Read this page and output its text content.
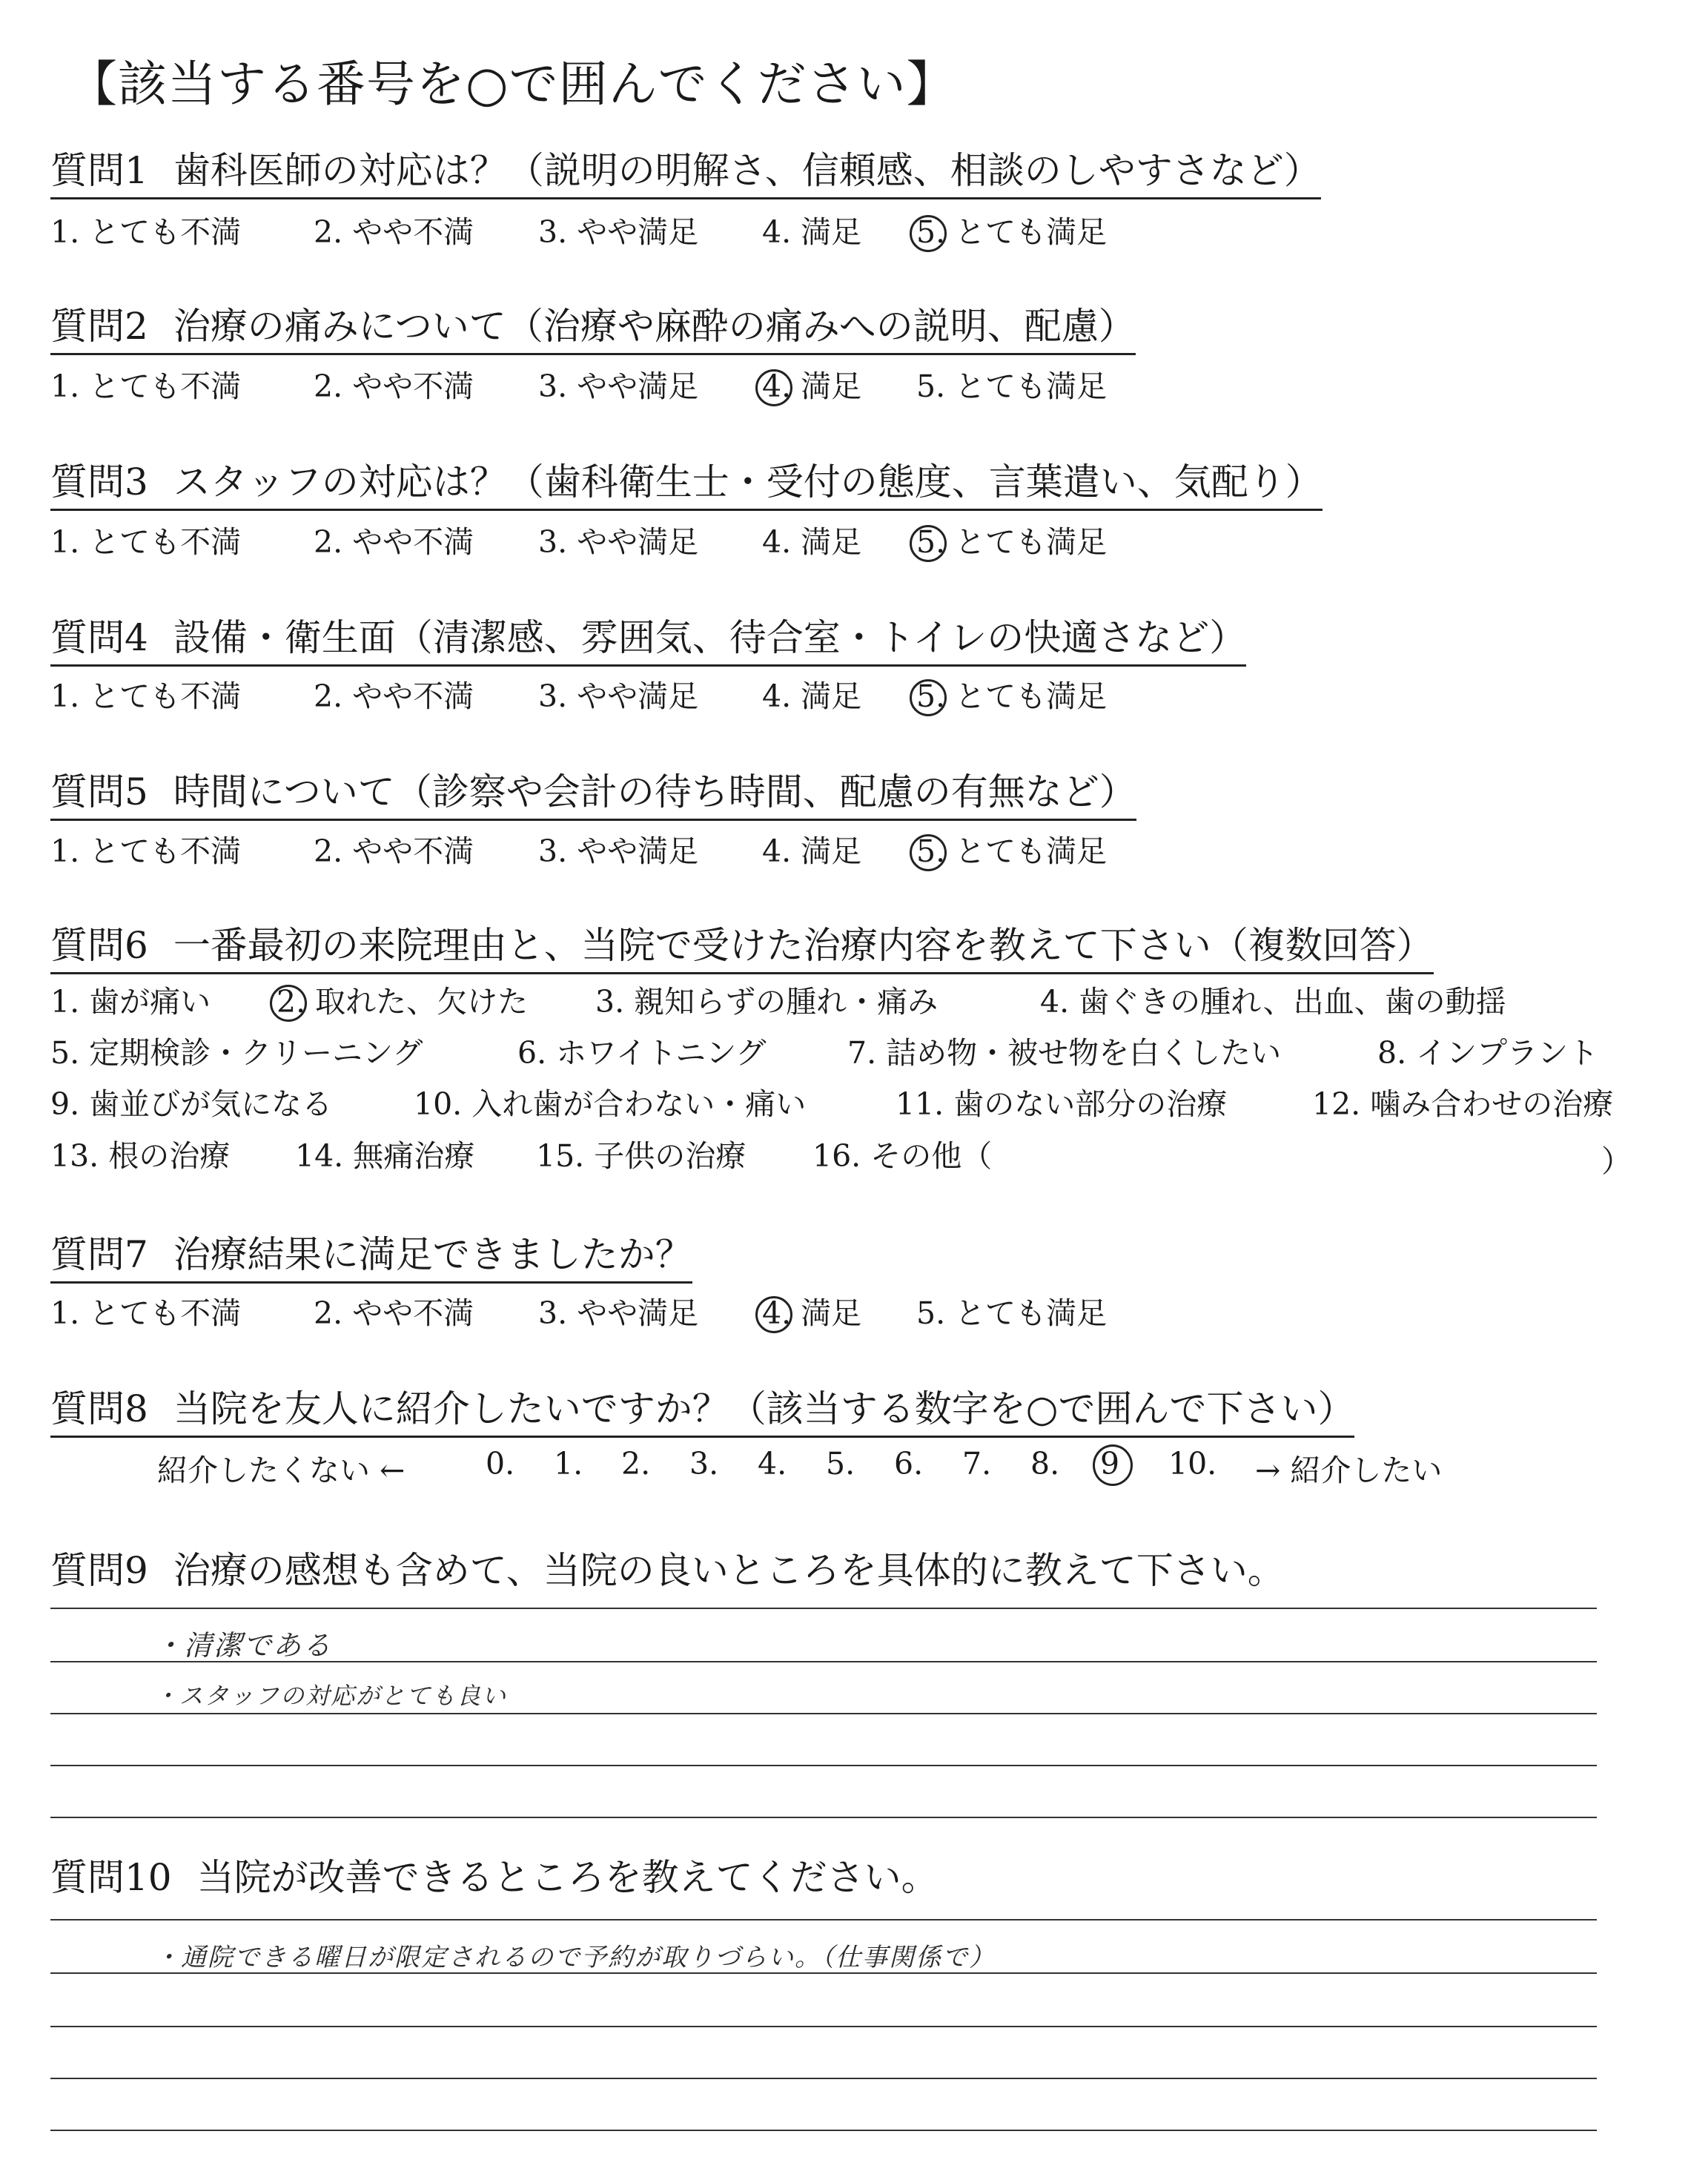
【該当する番号を○で囲んでください】
質問1 歯科医師の対応は？（説明の明解さ、信頼感、相談のしやすさなど）
1. とても不満 2. やや不満 3. やや満足 4. 満足 5. とても満足
質問2 治療の痛みについて（治療や麻酔の痛みへの説明、配慮）
1. とても不満 2. やや不満 3. やや満足 4. 満足 5. とても満足
質問3 スタッフの対応は？（歯科衛生士・受付の態度、言葉遣い、気配り）
1. とても不満 2. やや不満 3. やや満足 4. 満足 5. とても満足
質問4 設備・衛生面（清潔感、雰囲気、待合室・トイレの快適さなど）
1. とても不満 2. やや不満 3. やや満足 4. 満足 5. とても満足
質問5 時間について（診察や会計の待ち時間、配慮の有無など）
1. とても不満 2. やや不満 3. やや満足 4. 満足 5. とても満足
質問6 一番最初の来院理由と、当院で受けた治療内容を教えて下さい（複数回答）
1. 歯が痛い 2. 取れた、欠けた 3. 親知らずの腫れ・痛み	4. 歯ぐきの腫れ、出血、歯の動揺
5. 定期検診・クリーニング	6. ホワイトニング	7. 詰め物・被せ物を白くしたい	8. インプラント
9. 歯並びが気になる	10. 入れ歯が合わない・痛い	11. 歯のない部分の治療	12. 噛み合わせの治療
13. 根の治療 14. 無痛治療 15. 子供の治療 16. その他（	）
質問7 治療結果に満足できましたか？
1. とても不満 2. やや不満 3. やや満足 4. 満足 5. とても満足
質問8 当院を友人に紹介したいですか？（該当する数字を○で囲んで下さい）
紹介したくない ←	0. 1. 2. 3. 4. 5. 6. 7. 8. 9 10. → 紹介したい
質問9 治療の感想も含めて、当院の良いところを具体的に教えて下さい。
・清潔である
・スタッフの対応がとても良い
質問10 当院が改善できるところを教えてください。
・通院できる曜日が限定されるので予約が取りづらい。（仕事関係で）
